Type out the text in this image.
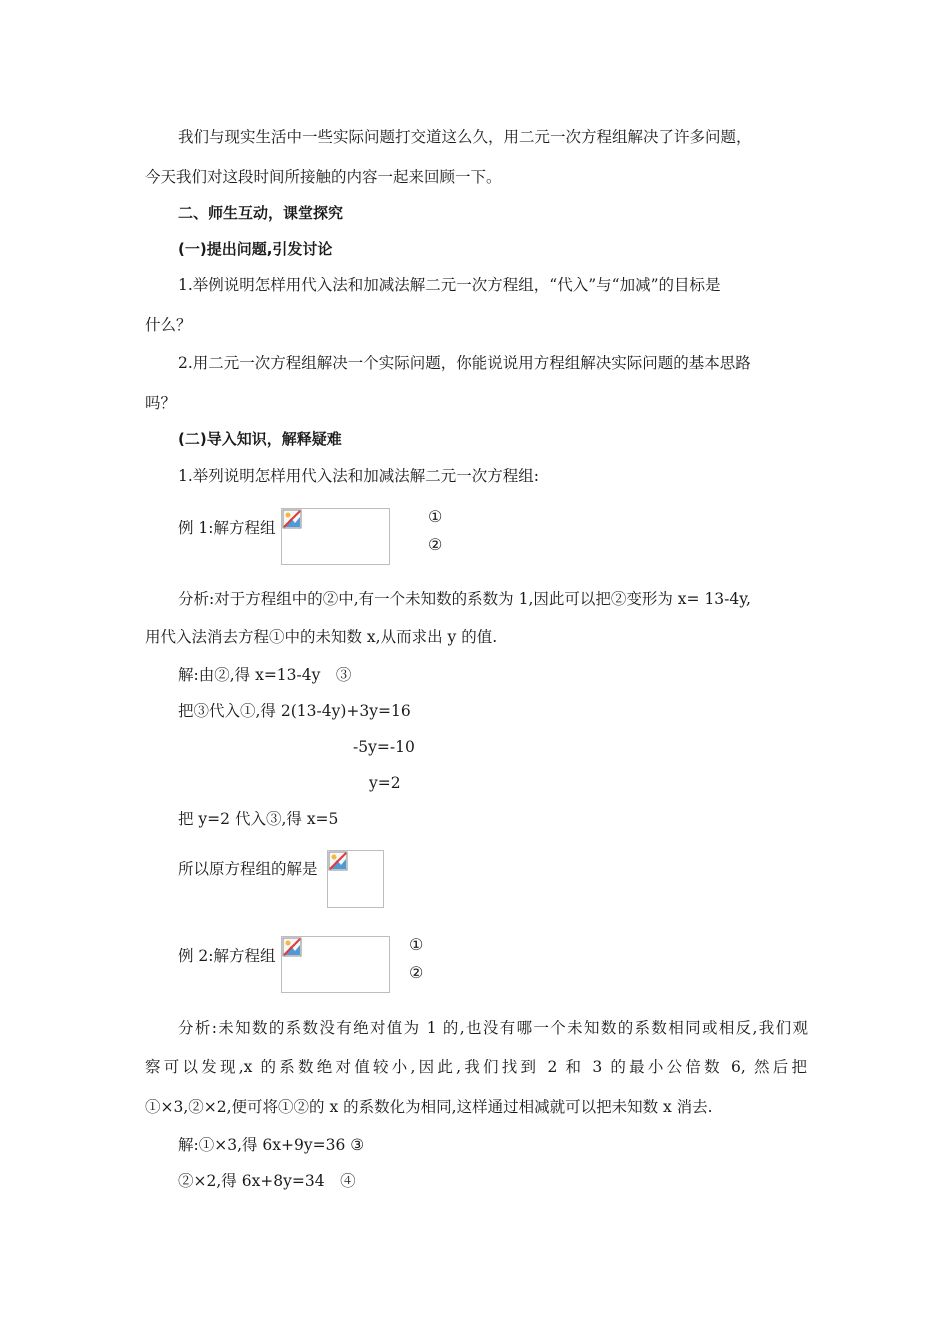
我们与现实生活中一些实际问题打交道这么久，用二元一次方程组解决了许多问题，
今天我们对这段时间所接触的内容一起来回顾一下。
二、师生互动，课堂探究
(一)提出问题,引发讨论
1.举例说明怎样用代入法和加减法解二元一次方程组，“代入”与“加减”的目标是
什么？
2.用二元一次方程组解决一个实际问题，你能说说用方程组解决实际问题的基本思路
吗？
(二)导入知识，解释疑难
1.举列说明怎样用代入法和加减法解二元一次方程组:
例 1:解方程组
①
②
分析:对于方程组中的②中,有一个未知数的系数为 1,因此可以把②变形为 x= 13-4y,
用代入法消去方程①中的未知数 x,从而求出 y 的值.
解:由②,得 x=13-4y　③
把③代入①,得 2(13-4y)+3y=16
-5y=-10
y=2
把 y=2 代入③,得 x=5
所以原方程组的解是
例 2:解方程组
①
②
分析:未知数的系数没有绝对值为 1 的,也没有哪一个未知数的系数相同或相反,我们观
察可以发现,x 的系数绝对值较小,因此,我们找到 2 和 3 的最小公倍数 6, 然后把
①×3,②×2,便可将①②的 x 的系数化为相同,这样通过相减就可以把未知数 x 消去.
解:①×3,得 6x+9y=36 ③
②×2,得 6x+8y=34　④
